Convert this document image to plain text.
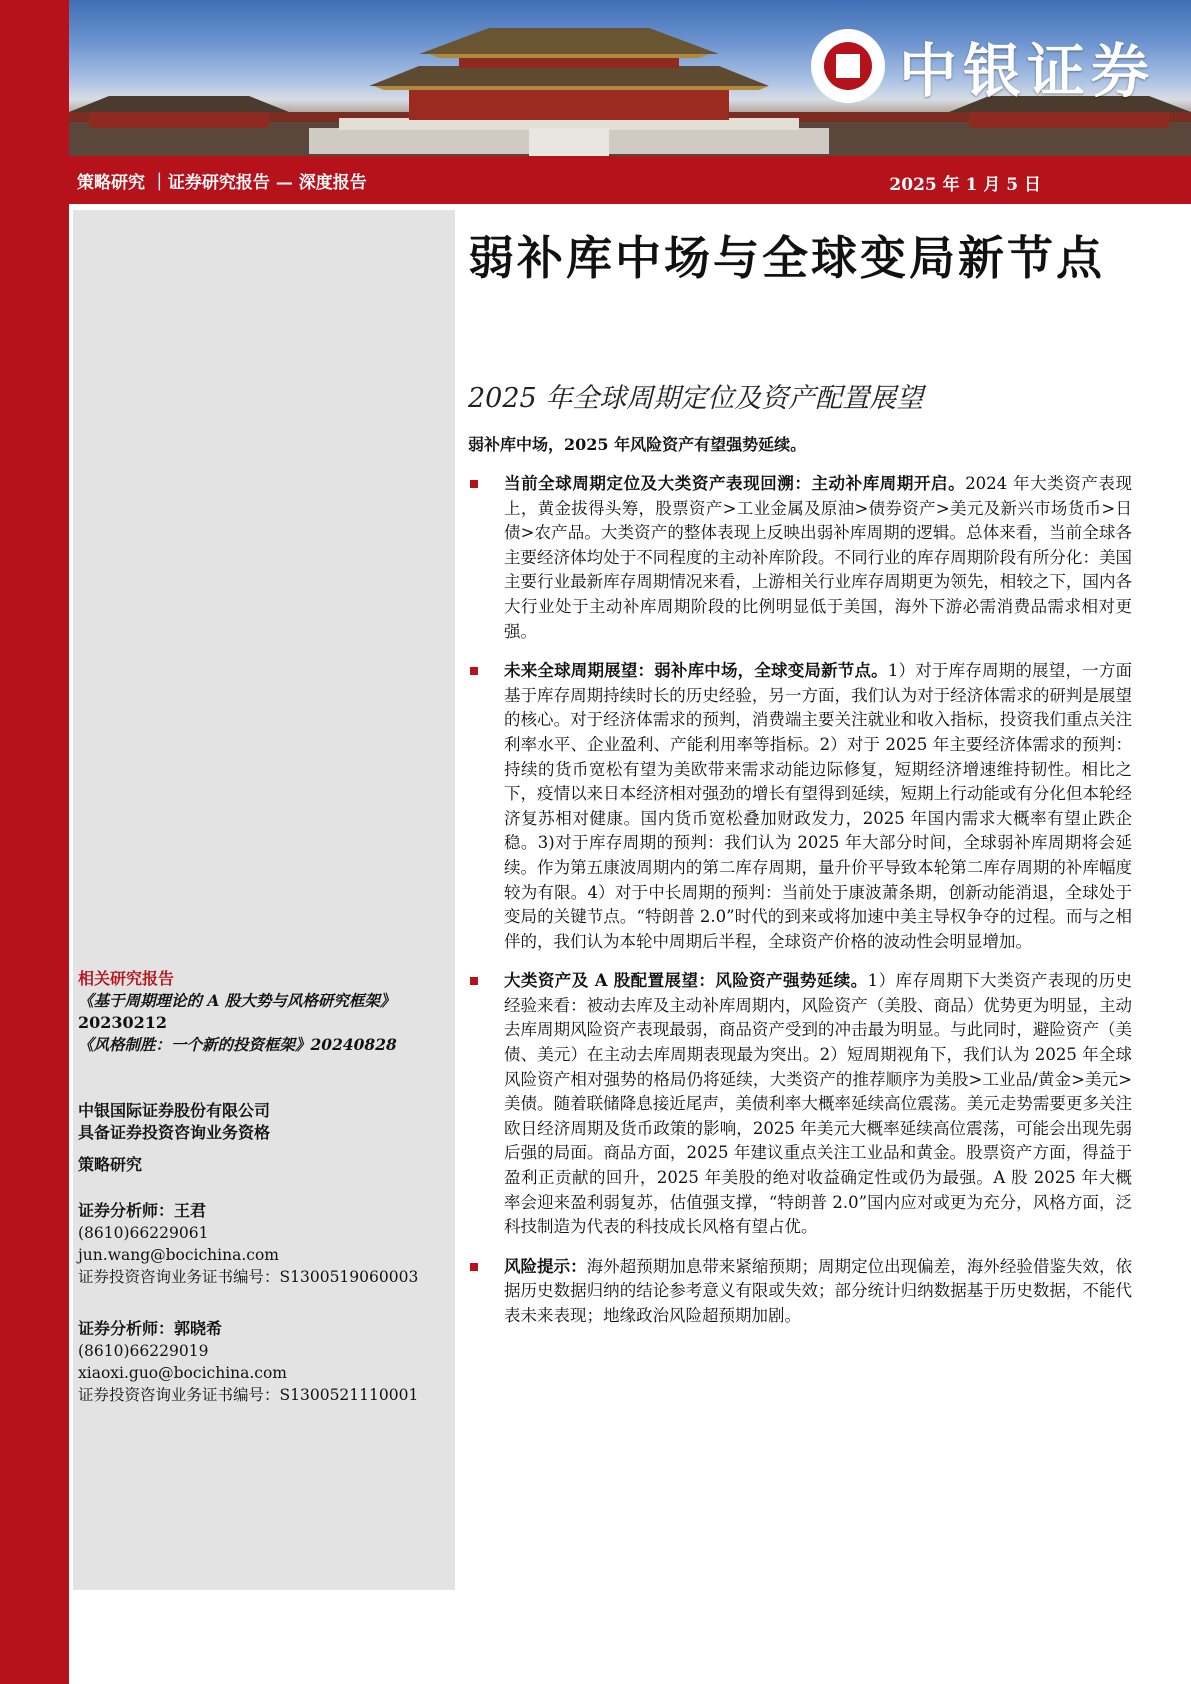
中银证券
策略研究 ｜证券研究报告 — 深度报告	2025 年 1 月 5 日
弱补库中场与全球变局新节点
2025 年全球周期定位及资产配置展望
弱补库中场，2025 年风险资产有望强势延续。
当前全球周期定位及大类资产表现回溯：主动补库周期开启。2024 年大类资产表现上，黄金拔得头筹，股票资产>工业金属及原油>债券资产>美元及新兴市场货币>日债>农产品。大类资产的整体表现上反映出弱补库周期的逻辑。总体来看，当前全球各主要经济体均处于不同程度的主动补库阶段。不同行业的库存周期阶段有所分化：美国主要行业最新库存周期情况来看，上游相关行业库存周期更为领先，相较之下，国内各大行业处于主动补库周期阶段的比例明显低于美国，海外下游必需消费品需求相对更强。
未来全球周期展望：弱补库中场，全球变局新节点。1）对于库存周期的展望，一方面基于库存周期持续时长的历史经验，另一方面，我们认为对于经济体需求的研判是展望的核心。对于经济体需求的预判，消费端主要关注就业和收入指标，投资我们重点关注利率水平、企业盈利、产能利用率等指标。2）对于 2025 年主要经济体需求的预判：持续的货币宽松有望为美欧带来需求动能边际修复，短期经济增速维持韧性。相比之下，疫情以来日本经济相对强劲的增长有望得到延续，短期上行动能或有分化但本轮经济复苏相对健康。国内货币宽松叠加财政发力，2025 年国内需求大概率有望止跌企稳。3)对于库存周期的预判：我们认为 2025 年大部分时间，全球弱补库周期将会延续。作为第五康波周期内的第二库存周期，量升价平导致本轮第二库存周期的补库幅度较为有限。4）对于中长周期的预判：当前处于康波萧条期，创新动能消退，全球处于变局的关键节点。“特朗普 2.0”时代的到来或将加速中美主导权争夺的过程。而与之相伴的，我们认为本轮中周期后半程，全球资产价格的波动性会明显增加。
大类资产及 A 股配置展望：风险资产强势延续。1）库存周期下大类资产表现的历史经验来看：被动去库及主动补库周期内，风险资产（美股、商品）优势更为明显，主动去库周期风险资产表现最弱，商品资产受到的冲击最为明显。与此同时，避险资产（美债、美元）在主动去库周期表现最为突出。2）短周期视角下，我们认为 2025 年全球风险资产相对强势的格局仍将延续，大类资产的推荐顺序为美股>工业品/黄金>美元>美债。随着联储降息接近尾声，美债利率大概率延续高位震荡。美元走势需要更多关注欧日经济周期及货币政策的影响，2025 年美元大概率延续高位震荡，可能会出现先弱后强的局面。商品方面，2025 年建议重点关注工业品和黄金。股票资产方面，得益于盈利正贡献的回升，2025 年美股的绝对收益确定性或仍为最强。A 股 2025 年大概率会迎来盈利弱复苏，估值强支撑，“特朗普 2.0”国内应对或更为充分，风格方面，泛科技制造为代表的科技成长风格有望占优。
风险提示：海外超预期加息带来紧缩预期；周期定位出现偏差，海外经验借鉴失效，依据历史数据归纳的结论参考意义有限或失效；部分统计归纳数据基于历史数据，不能代表未来表现；地缘政治风险超预期加剧。
相关研究报告
《基于周期理论的 A 股大势与风格研究框架》
20230212
《风格制胜：一个新的投资框架》20240828
中银国际证券股份有限公司
具备证券投资咨询业务资格
策略研究
证券分析师：王君
(8610)66229061
jun.wang@bocichina.com
证券投资咨询业务证书编号：S1300519060003
证券分析师：郭晓希
(8610)66229019
xiaoxi.guo@bocichina.com
证券投资咨询业务证书编号：S1300521110001
